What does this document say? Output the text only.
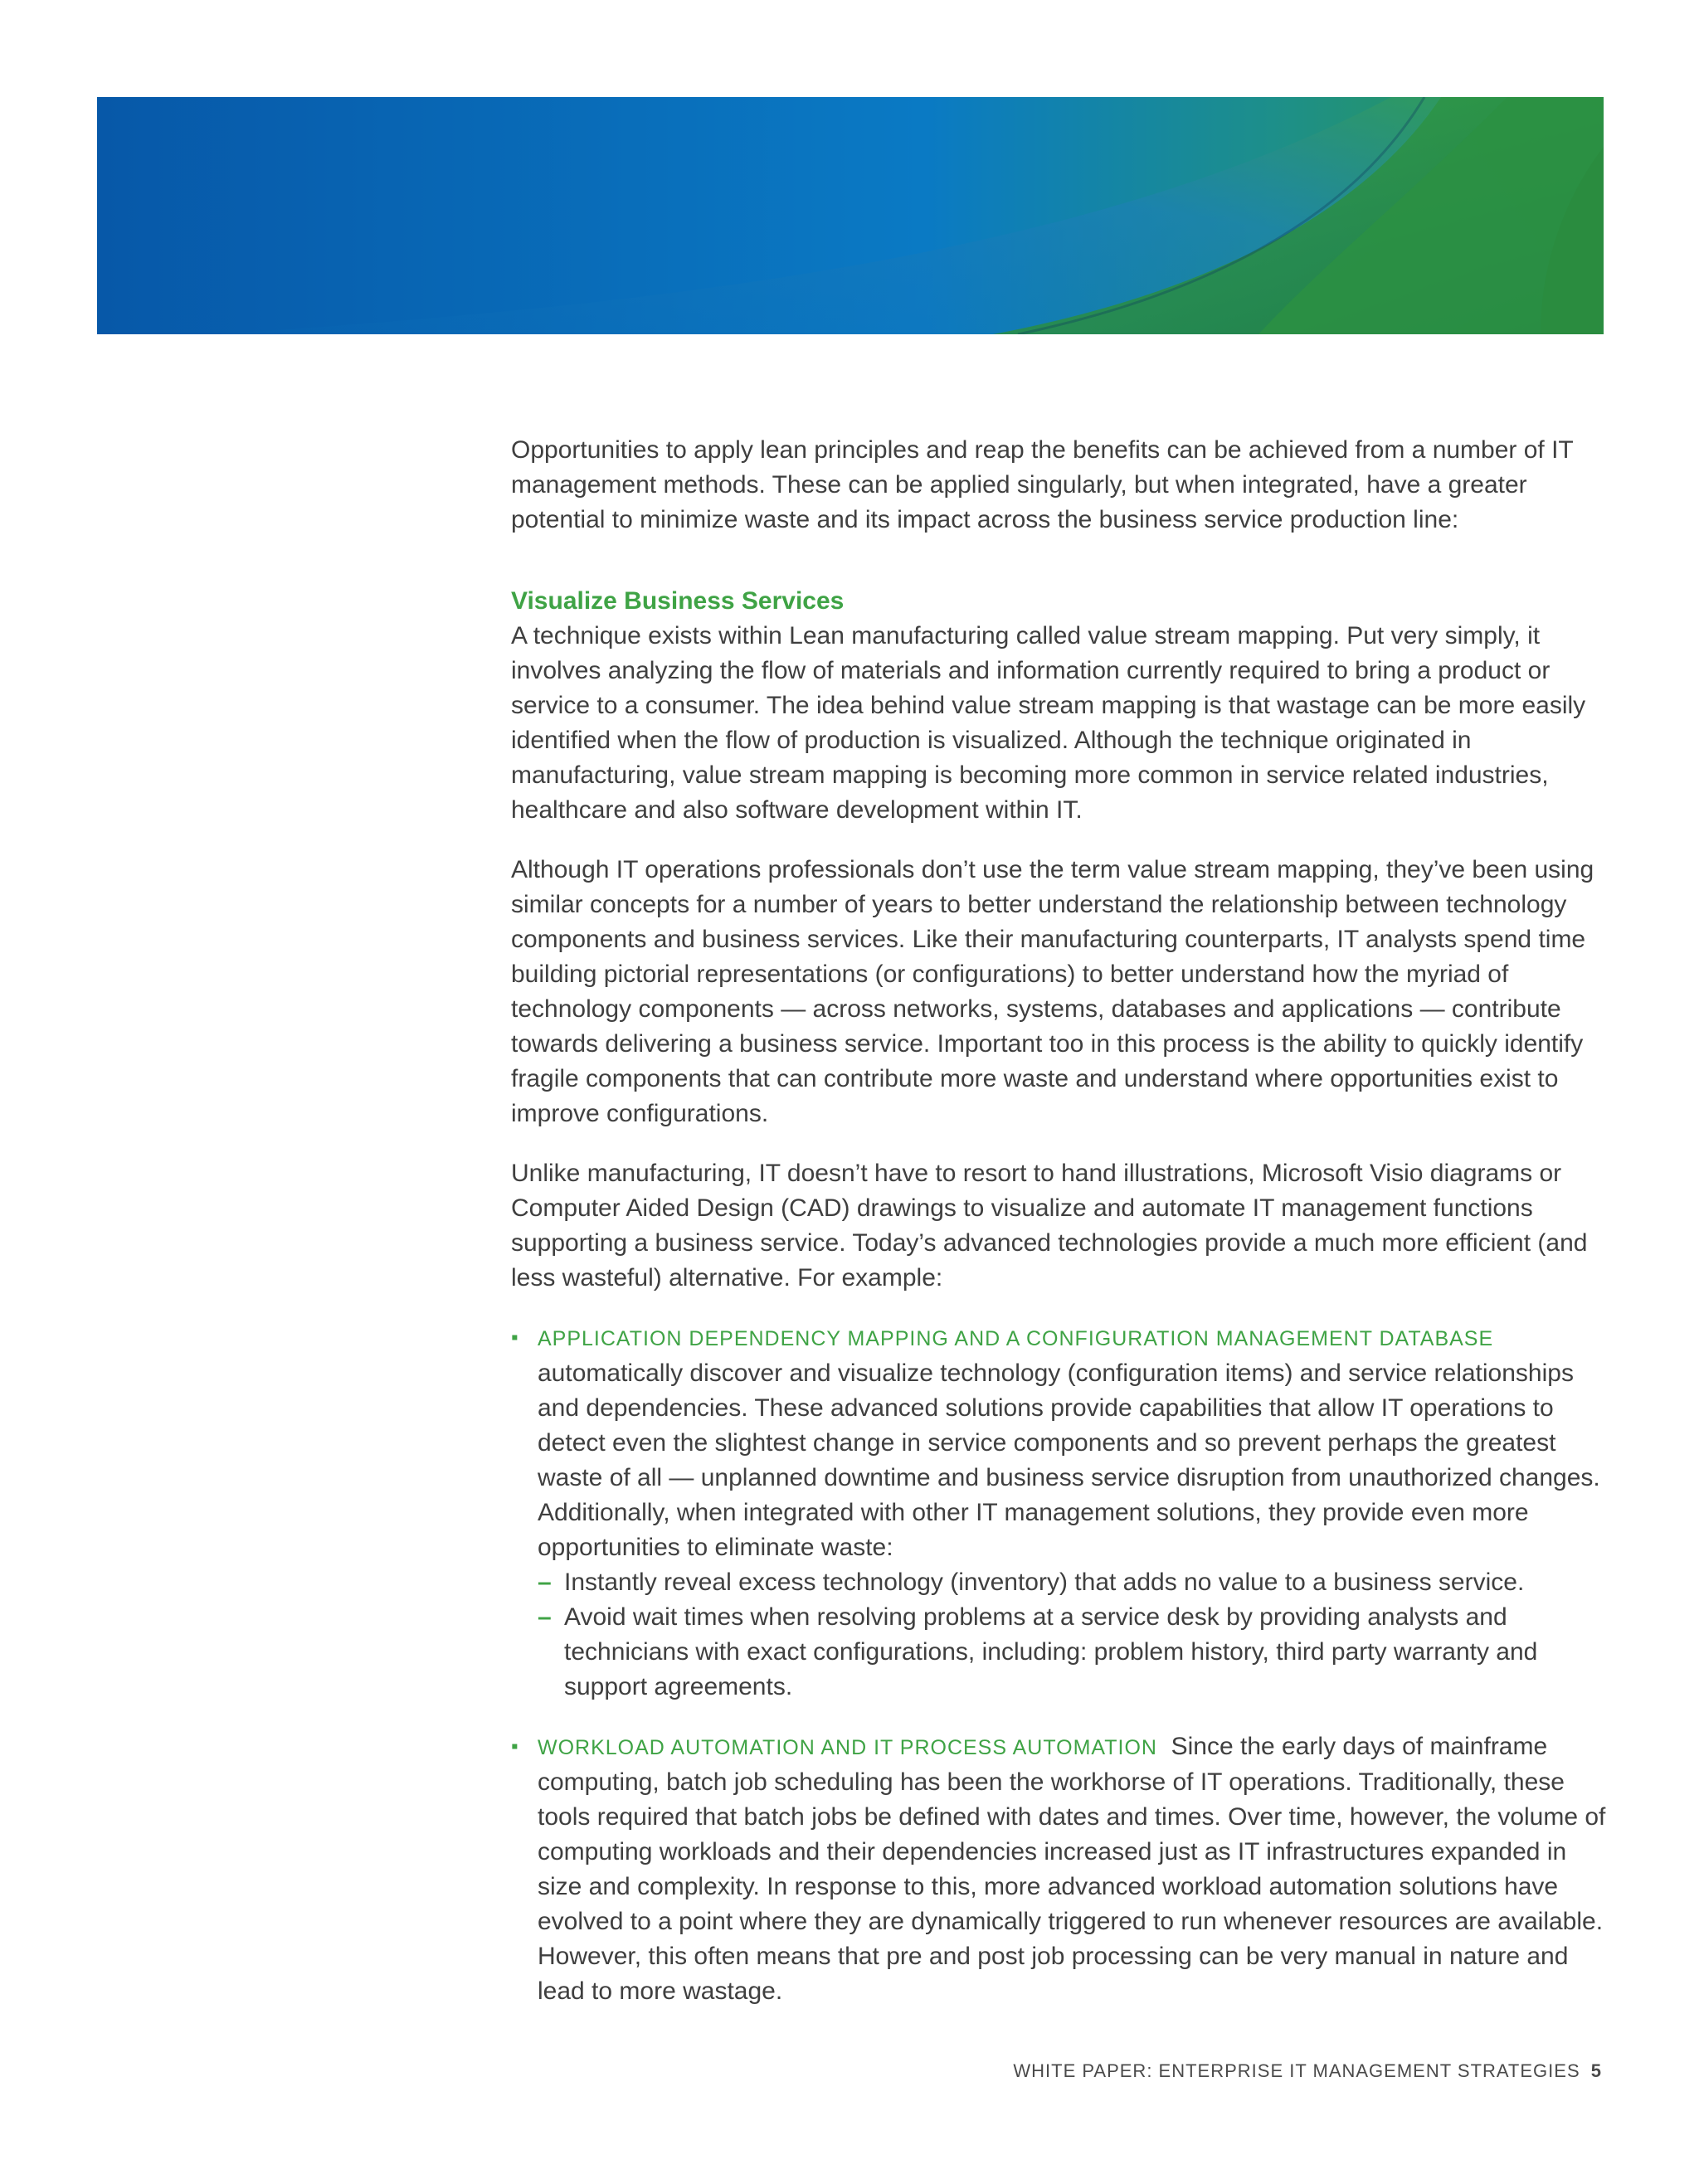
Opportunities to apply lean principles and reap the benefits can be achieved from a number of IT management methods. These can be applied singularly, but when integrated, have a greater potential to minimize waste and its impact across the business service production line:

Visualize Business Services

A technique exists within Lean manufacturing called value stream mapping. Put very simply, it involves analyzing the flow of materials and information currently required to bring a product or service to a consumer. The idea behind value stream mapping is that wastage can be more easily identified when the flow of production is visualized. Although the technique originated in manufacturing, value stream mapping is becoming more common in service related industries, healthcare and also software development within IT.

Although IT operations professionals don’t use the term value stream mapping, they’ve been using similar concepts for a number of years to better understand the relationship between technology components and business services. Like their manufacturing counterparts, IT analysts spend time building pictorial representations (or configurations) to better understand how the myriad of technology components — across networks, systems, databases and applications — contribute towards delivering a business service. Important too in this process is the ability to quickly identify fragile components that can contribute more waste and understand where opportunities exist to improve configurations.

Unlike manufacturing, IT doesn’t have to resort to hand illustrations, Microsoft Visio diagrams or Computer Aided Design (CAD) drawings to visualize and automate IT management functions supporting a business service. Today’s advanced technologies provide a much more efficient (and less wasteful) alternative. For example:

▪ APPLICATION DEPENDENCY MAPPING AND A CONFIGURATION MANAGEMENT DATABASE automatically discover and visualize technology (configuration items) and service relationships and dependencies. These advanced solutions provide capabilities that allow IT operations to detect even the slightest change in service components and so prevent perhaps the greatest waste of all — unplanned downtime and business service disruption from unauthorized changes. Additionally, when integrated with other IT management solutions, they provide even more opportunities to eliminate waste:
– Instantly reveal excess technology (inventory) that adds no value to a business service.
– Avoid wait times when resolving problems at a service desk by providing analysts and technicians with exact configurations, including: problem history, third party warranty and support agreements.
▪ WORKLOAD AUTOMATION AND IT PROCESS AUTOMATION Since the early days of mainframe computing, batch job scheduling has been the workhorse of IT operations. Traditionally, these tools required that batch jobs be defined with dates and times. Over time, however, the volume of computing workloads and their dependencies increased just as IT infrastructures expanded in size and complexity. In response to this, more advanced workload automation solutions have evolved to a point where they are dynamically triggered to run whenever resources are available. However, this often means that pre and post job processing can be very manual in nature and lead to more wastage.
WHITE PAPER: ENTERPRISE IT MANAGEMENT STRATEGIES 5
